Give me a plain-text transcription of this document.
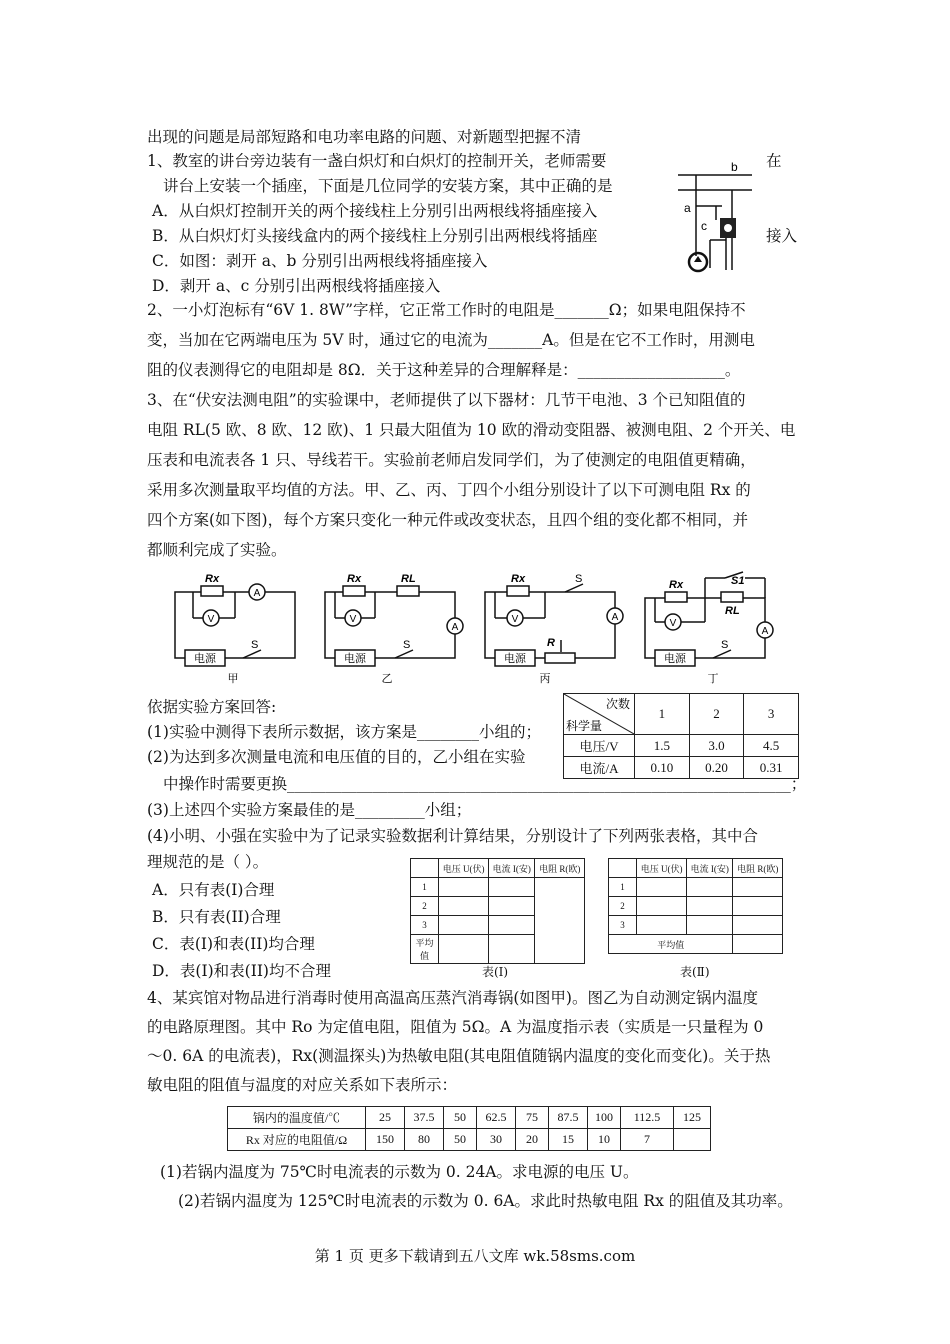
出现的问题是局部短路和电功率电路的问题、对新题型把握不清
1、教室的讲台旁边装有一盏白炽灯和白炽灯的控制开关，老师需要	在
讲台上安装一个插座，下面是几位同学的安装方案，其中正确的是
A．从白炽灯控制开关的两个接线柱上分别引出两根线将插座接入
B．从白炽灯灯头接线盒内的两个接线柱上分别引出两根线将插座	接入
C．如图：剥开 a、b 分别引出两根线将插座接入
D．剥开 a、c 分别引出两根线将插座接入
b
a
c
2、一小灯泡标有“6V 1. 8W”字样，它正常工作时的电阻是_______Ω；如果电阻保持不
变，当加在它两端电压为 5V 时，通过它的电流为_______A。但是在它不工作时，用测电
阻的仪表测得它的电阻却是 8Ω．关于这种差异的合理解释是：___________________。
3、在“伏安法测电阻”的实验课中，老师提供了以下器材：几节干电池、3 个已知阻值的
电阻 RL(5 欧、8 欧、12 欧)、1 只最大阻值为 10 欧的滑动变阻器、被测电阻、2 个开关、电
压表和电流表各 1 只、导线若干。实验前老师启发同学们，为了使测定的电阻值更精确，
采用多次测量取平均值的方法。甲、乙、丙、丁四个小组分别设计了以下可测电阻 Rx 的
四个方案(如下图)，每个方案只变化一种元件或改变状态，且四个组的变化都不相同，并
都顺利完成了实验。
A
V
A
V	A
V
A
V
Rx	Rx	RL	Rx	Rx
RL
R
S1
S	S
S
S
电源	电源	电源	电源
甲	乙	丙	丁
依据实验方案回答:
(1)实验中测得下表所示数据，该方案是________小组的；
(2)为达到多次测量电流和电压值的目的，乙小组在实验
中操作时需要更换_________________________________________________________________；
(3)上述四个实验方案最佳的是_________小组；
(4)小明、小强在实验中为了记录实验数据利计算结果，分别设计了下列两张表格，其中合
理规范的是（ ）。
A．只有表(I)合理
B．只有表(II)合理
C．表(I)和表(II)均合理
D．表(I)和表(II)均不合理
次数
科学量	1	2	3
电压/V	1.5	3.0	4.5
电流/A	0.10	0.20	0.31
	电压 U(伏)	电流 I(安)	电阻 R(欧)
1			
2			
3			
平均值			
表(Ⅰ)
	电压 U(伏)	电流 I(安)	电阻 R(欧)
1			
2			
3			
平均值			
表(Ⅱ)
4、某宾馆对物品进行消毒时使用高温高压蒸汽消毒锅(如图甲)。图乙为自动测定锅内温度
的电路原理图。其中 Ro 为定值电阻，阻值为 5Ω。A 为温度指示表（实质是一只量程为 0
～0. 6A 的电流表)，Rx(测温探头)为热敏电阻(其电阻值随锅内温度的变化而变化)。关于热
敏电阻的阻值与温度的对应关系如下表所示：
锅内的温度值/℃	25	37.5	50	62.5	75	87.5	100	112.5	125
Rx 对应的电阻值/Ω	150	80	50	30	20	15	10	7	
(1)若锅内温度为 75℃时电流表的示数为 0. 24A。求电源的电压 U。
(2)若锅内温度为 125℃时电流表的示数为 0. 6A。求此时热敏电阻 Rx 的阻值及其功率。
第 1 页 更多下载请到五八文库 wk.58sms.com
